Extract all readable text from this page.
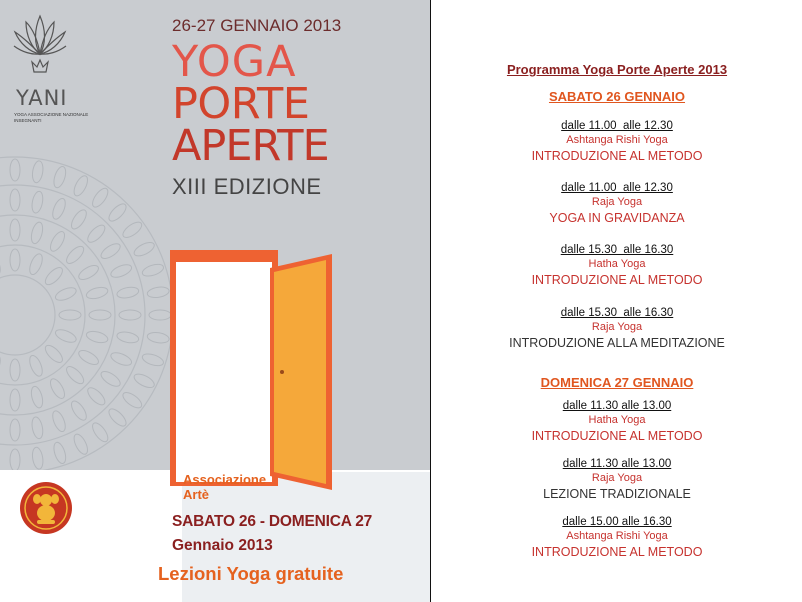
YANI
YOGA ASSOCIAZIONE NAZIONALE INSEGNANTI
26-27 GENNAIO 2013
YOGA
PORTE
APERTE
XIII EDIZIONE
Associazione
Artè
SABATO 26 - DOMENICA 27
Gennaio 2013
Lezioni Yoga gratuite
Programma Yoga Porte Aperte 2013
SABATO 26 GENNAIO
dalle 11.00  alle 12.30
Ashtanga Rishi Yoga
INTRODUZIONE AL METODO
dalle 11.00  alle 12.30
Raja Yoga
YOGA IN GRAVIDANZA
dalle 15.30  alle 16.30
Hatha Yoga
INTRODUZIONE AL METODO
dalle 15.30  alle 16.30
Raja Yoga
INTRODUZIONE ALLA MEDITAZIONE
DOMENICA 27 GENNAIO
dalle 11.30 alle 13.00
Hatha Yoga
INTRODUZIONE AL METODO
dalle 11.30 alle 13.00
Raja Yoga
LEZIONE TRADIZIONALE
dalle 15.00 alle 16.30
Ashtanga Rishi Yoga
INTRODUZIONE AL METODO
